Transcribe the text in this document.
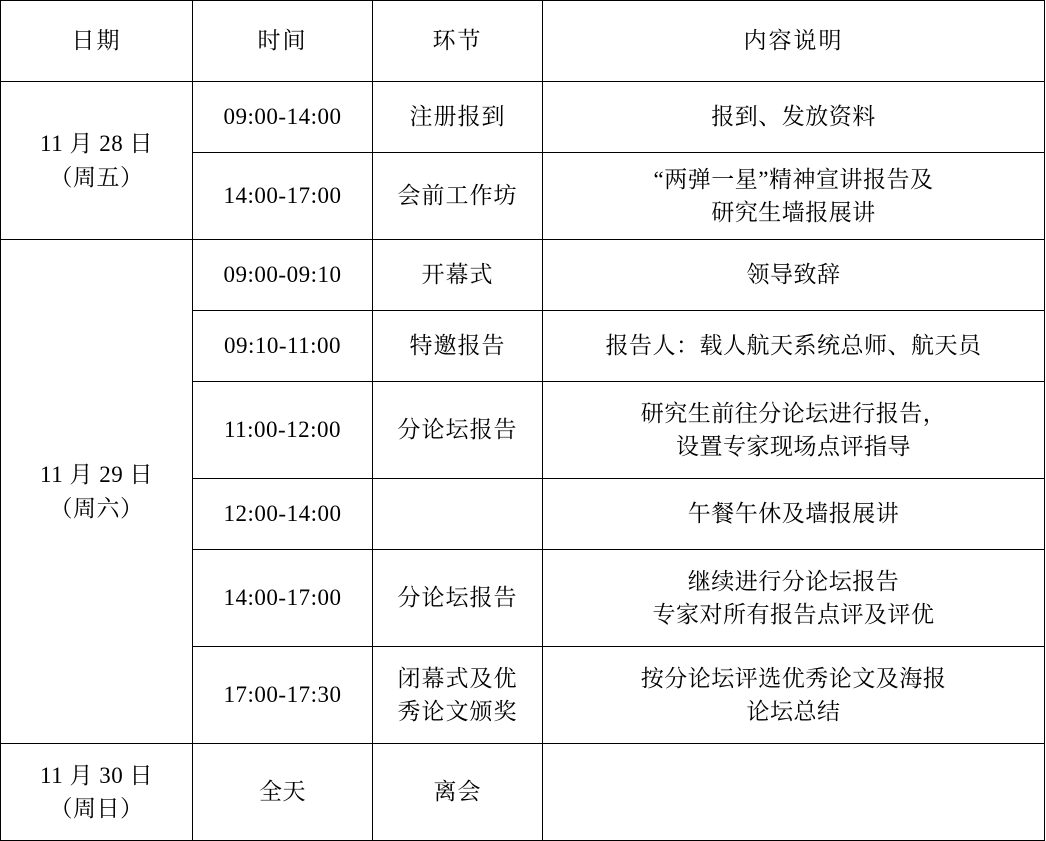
日期	时间	环节	内容说明

11 月 28 日
（周五）	09:00-14:00	注册报到	报到、发放资料
	14:00-17:00	会前工作坊	“两弹一星”精神宣讲报告及
研究生墙报展讲

11 月 29 日
（周六）	09:00-09:10	开幕式	领导致辞
	09:10-11:00	特邀报告	报告人：载人航天系统总师、航天员
	11:00-12:00	分论坛报告	研究生前往分论坛进行报告，
设置专家现场点评指导

	12:00-14:00		午餐午休及墙报展讲
	14:00-17:00	分论坛报告	继续进行分论坛报告
专家对所有报告点评及评优

	17:00-17:30	闭幕式及优
秀论文颁奖	按分论坛评选优秀论文及海报
论坛总结

11 月 30 日
（周日）	全天	离会	
